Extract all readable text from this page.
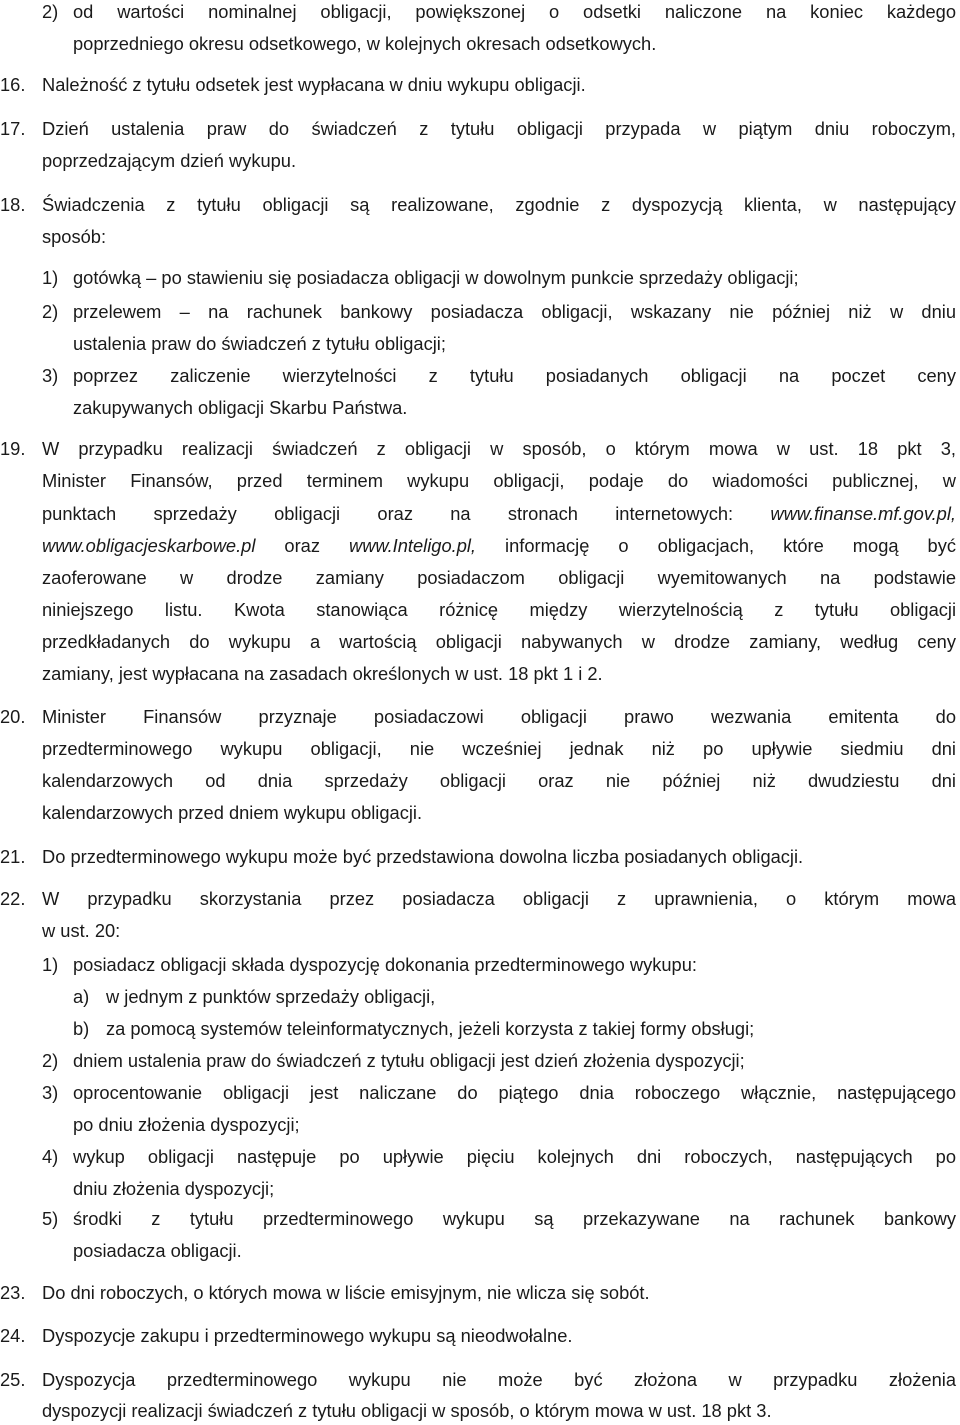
2) od wartości nominalnej obligacji, powiększonej o odsetki naliczone na koniec każdego
poprzedniego okresu odsetkowego, w kolejnych okresach odsetkowych.
16. Należność z tytułu odsetek jest wypłacana w dniu wykupu obligacji.
17. Dzień ustalenia praw do świadczeń z tytułu obligacji przypada w piątym dniu roboczym,
poprzedzającym dzień wykupu.
18. Świadczenia z tytułu obligacji są realizowane, zgodnie z dyspozycją klienta, w następujący
sposób:
1) gotówką – po stawieniu się posiadacza obligacji w dowolnym punkcie sprzedaży obligacji;
2) przelewem – na rachunek bankowy posiadacza obligacji, wskazany nie później niż w dniu
ustalenia praw do świadczeń z tytułu obligacji;
3) poprzez zaliczenie wierzytelności z tytułu posiadanych obligacji na poczet ceny
zakupywanych obligacji Skarbu Państwa.
19. W przypadku realizacji świadczeń z obligacji w sposób, o którym mowa w ust. 18 pkt 3,
Minister Finansów, przed terminem wykupu obligacji, podaje do wiadomości publicznej, w
punktach sprzedaży obligacji oraz na stronach internetowych: www.finanse.mf.gov.pl,
www.obligacjeskarbowe.pl oraz www.Inteligo.pl, informację o obligacjach, które mogą być
zaoferowane w drodze zamiany posiadaczom obligacji wyemitowanych na podstawie
niniejszego listu. Kwota stanowiąca różnicę między wierzytelnością z tytułu obligacji
przedkładanych do wykupu a wartością obligacji nabywanych w drodze zamiany, według ceny
zamiany, jest wypłacana na zasadach określonych w ust. 18 pkt 1 i 2.
20. Minister Finansów przyznaje posiadaczowi obligacji prawo wezwania emitenta do
przedterminowego wykupu obligacji, nie wcześniej jednak niż po upływie siedmiu dni
kalendarzowych od dnia sprzedaży obligacji oraz nie później niż dwudziestu dni
kalendarzowych przed dniem wykupu obligacji.
21. Do przedterminowego wykupu może być przedstawiona dowolna liczba posiadanych obligacji.
22. W przypadku skorzystania przez posiadacza obligacji z uprawnienia, o którym mowa
w ust. 20:
1) posiadacz obligacji składa dyspozycję dokonania przedterminowego wykupu:
a) w jednym z punktów sprzedaży obligacji,
b) za pomocą systemów teleinformatycznych, jeżeli korzysta z takiej formy obsługi;
2) dniem ustalenia praw do świadczeń z tytułu obligacji jest dzień złożenia dyspozycji;
3) oprocentowanie obligacji jest naliczane do piątego dnia roboczego włącznie, następującego
po dniu złożenia dyspozycji;
4) wykup obligacji następuje po upływie pięciu kolejnych dni roboczych, następujących po
dniu złożenia dyspozycji;
5) środki z tytułu przedterminowego wykupu są przekazywane na rachunek bankowy
posiadacza obligacji.
23. Do dni roboczych, o których mowa w liście emisyjnym, nie wlicza się sobót.
24. Dyspozycje zakupu i przedterminowego wykupu są nieodwołalne.
25. Dyspozycja przedterminowego wykupu nie może być złożona w przypadku złożenia
dyspozycji realizacji świadczeń z tytułu obligacji w sposób, o którym mowa w ust. 18 pkt 3.
